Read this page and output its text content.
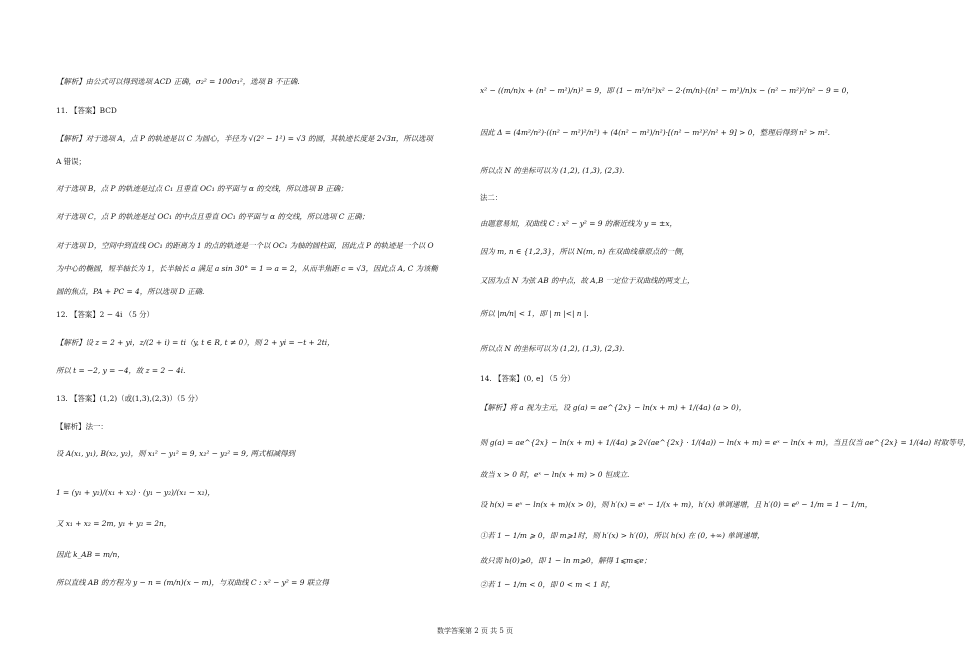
【解析】由公式可以得到选项 ACD 正确，σ₂² = 100σ₁²，选项 B 不正确.
11. 【答案】BCD
【解析】对于选项 A，点 P 的轨迹是以 C 为圆心，半径为 √(2² − 1²) = √3 的圆，其轨迹长度是 2√3π，所以选项
A 错误；
对于选项 B，点 P 的轨迹是过点 C₁ 且垂直 OC₁ 的平面与 α 的交线，所以选项 B 正确；
对于选项 C，点 P 的轨迹是过 OC₁ 的中点且垂直 OC₁ 的平面与 α 的交线，所以选项 C 正确；
对于选项 D，空间中到直线 OC₁ 的距离为 1 的点的轨迹是一个以 OC₁ 为轴的圆柱面，因此点 P 的轨迹是一个以 O
为中心的椭圆，短半轴长为 1，长半轴长 a 满足 a sin 30° = 1 ⇒ a = 2，从而半焦距 c = √3，因此点 A, C 为该椭
圆的焦点，PA + PC = 4，所以选项 D 正确.
12. 【答案】2 − 4i （5 分）
【解析】设 z = 2 + yi，z/(2 + i) = ti（y, t ∈ R, t ≠ 0），则 2 + yi = −t + 2ti，
所以 t = −2, y = −4，故 z = 2 − 4i.
13. 【答案】(1,2)（或(1,3),(2,3)）（5 分）
【解析】法一：
设 A(x₁, y₁), B(x₂, y₂)，则 x₁² − y₁² = 9, x₂² − y₂² = 9, 两式相减得到
1 = (y₁ + y₂)/(x₁ + x₂) · (y₁ − y₂)/(x₁ − x₂)，
又 x₁ + x₂ = 2m, y₁ + y₂ = 2n，
因此 k_AB = m/n，
所以直线 AB 的方程为 y − n = (m/n)(x − m)，与双曲线 C : x² − y² = 9 联立得
x² − ((m/n)x + (n² − m²)/n)² = 9，即 (1 − m²/n²)x² − 2·(m/n)·((n² − m²)/n)x − (n² − m²)²/n² − 9 = 0，
因此 Δ = (4m²/n²)·((n² − m²)²/n²) + (4(n² − m²)/n²)·[(n² − m²)²/n² + 9] > 0，整理后得到 n² > m².
所以点 N 的坐标可以为 (1,2), (1,3), (2,3).
法二：
由题意易知，双曲线 C : x² − y² = 9 的渐近线为 y = ±x，
因为 m, n ∈ {1,2,3}，所以 N(m, n) 在双曲线靠原点的一侧，
又因为点 N 为弦 AB 的中点，故 A,B 一定位于双曲线的两支上，
所以 |m/n| < 1，即 | m |<| n |.
所以点 N 的坐标可以为 (1,2), (1,3), (2,3).
14. 【答案】(0, e] （5 分）
【解析】将 a 视为主元，设 g(a) = ae^{2x} − ln(x + m) + 1/(4a) (a > 0)，
则 g(a) = ae^{2x} − ln(x + m) + 1/(4a) ⩾ 2√(ae^{2x} · 1/(4a)) − ln(x + m) = eˣ − ln(x + m)，当且仅当 ae^{2x} = 1/(4a) 时取等号，
故当 x > 0 时，eˣ − ln(x + m) > 0 恒成立.
设 h(x) = eˣ − ln(x + m)(x > 0)，则 h′(x) = eˣ − 1/(x + m)，h′(x) 单调递增，且 h′(0) = e⁰ − 1/m = 1 − 1/m，
①若 1 − 1/m ⩾ 0，即 m⩾1时，则 h′(x) > h′(0)，所以 h(x) 在 (0, +∞) 单调递增，
故只需 h(0)⩾0，即 1 − ln m⩾0，解得 1⩽m⩽e；
②若 1 − 1/m < 0，即 0 < m < 1 时，
数学答案第 2 页 共 5 页
